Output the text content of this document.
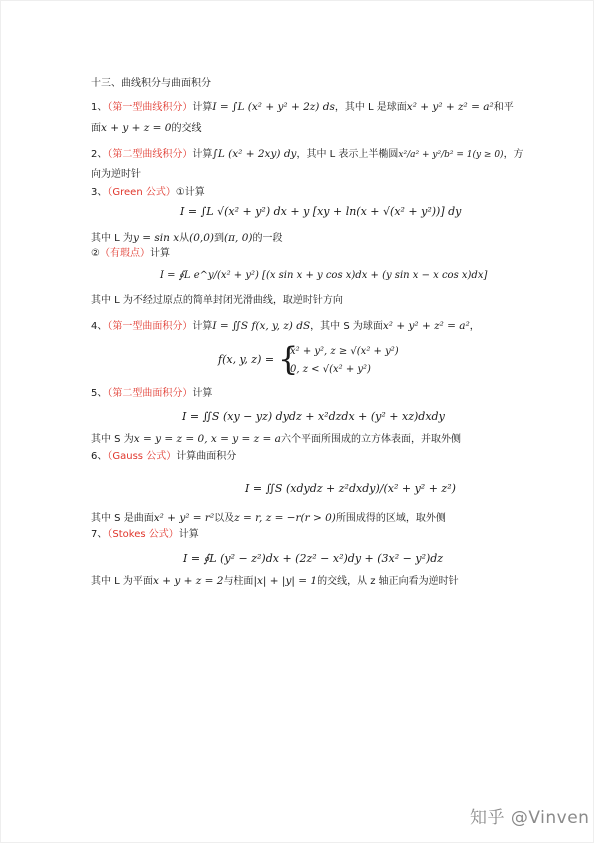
十三、曲线积分与曲面积分
1、（第一型曲线积分）计算I = ∫L (x² + y² + 2z) ds，其中 L 是球面x² + y² + z² = a²和平
面x + y + z = 0的交线
2、（第二型曲线积分）计算∫L (x² + 2xy) dy，其中 L 表示上半椭圆x²/a² + y²/b² = 1(y ≥ 0)，方
向为逆时针
3、（Green 公式）①计算
I = ∫L √(x² + y²) dx + y [xy + ln(x + √(x² + y²))] dy
其中 L 为y = sin x从(0,0)到(π, 0)的一段
②（有瑕点）计算
I = ∮L e^y/(x² + y²) [(x sin x + y cos x)dx + (y sin x − x cos x)dx]
其中 L 为不经过原点的简单封闭光滑曲线，取逆时针方向
4、（第一型曲面积分）计算I = ∬S f(x, y, z) dS，其中 S 为球面x² + y² + z² = a²，
f(x, y, z) = {
x² + y², z ≥ √(x² + y²)
0, z < √(x² + y²)
5、（第二型曲面积分）计算
I = ∬S (xy − yz) dydz + x²dzdx + (y² + xz)dxdy
其中 S 为x = y = z = 0, x = y = z = a六个平面所围成的立方体表面，并取外侧
6、（Gauss 公式）计算曲面积分
I = ∬S (xdydz + z²dxdy)/(x² + y² + z²)
其中 S 是曲面x² + y² = r²以及z = r, z = −r(r > 0)所围成得的区域，取外侧
7、（Stokes 公式）计算
I = ∮L (y² − z²)dx + (2z² − x²)dy + (3x² − y²)dz
其中 L 为平面x + y + z = 2与柱面|x| + |y| = 1的交线，从 z 轴正向看为逆时针
知乎 @Vinven
